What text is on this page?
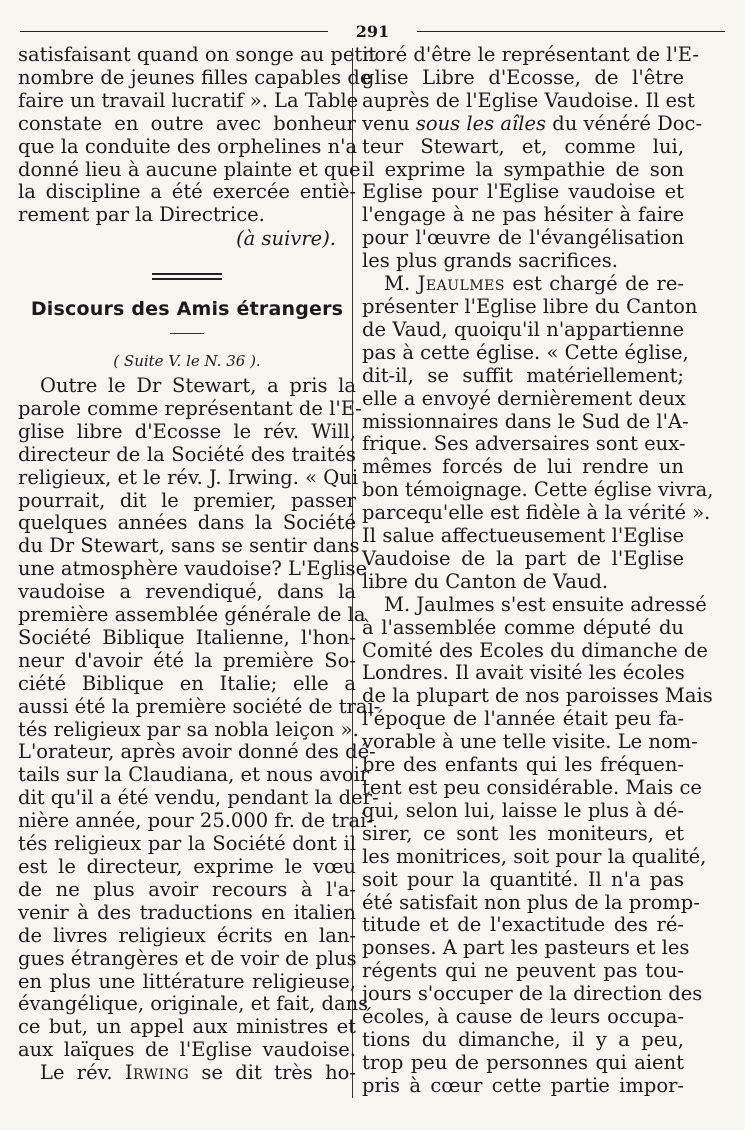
291
satisfaisant quand on songe au petit
nombre de jeunes filles capables de
faire un travail lucratif ». La Table
constate en outre avec bonheur
que la conduite des orphelines n'a
donné lieu à aucune plainte et que
la discipline a été exercée entiè-
rement par la Directrice.
(à suivre).
Discours des Amis étrangers
( Suite V. le N. 36 ).
Outre le Dr Stewart, a pris la
parole comme représentant de l'E-
glise libre d'Ecosse le rév. Will,
directeur de la Société des traités
religieux, et le rév. J. Irwing. « Qui
pourrait, dit le premier, passer
quelques années dans la Société
du Dr Stewart, sans se sentir dans
une atmosphère vaudoise? L'Eglise
vaudoise a revendiqué, dans la
première assemblée générale de la
Société Biblique Italienne, l'hon-
neur d'avoir été la première So-
ciété Biblique en Italie; elle a
aussi été la première société de trai-
tés religieux par sa nobla leiçon ».
L'orateur, après avoir donné des dé-
tails sur la Claudiana, et nous avoir
dit qu'il a été vendu, pendant la der-
nière année, pour 25.000 fr. de trai-
tés religieux par la Société dont il
est le directeur, exprime le vœu
de ne plus avoir recours à l'a-
venir à des traductions en italien
de livres religieux écrits en lan-
gues étrangères et de voir de plus
en plus une littérature religieuse,
évangélique, originale, et fait, dans
ce but, un appel aux ministres et
aux laïques de l'Eglise vaudoise.
Le rév. Irwing se dit très ho-
noré d'être le représentant de l'E-
glise Libre d'Ecosse, de l'être
auprès de l'Eglise Vaudoise. Il est
venu sous les aîles du vénéré Doc-
teur Stewart, et, comme lui,
il exprime la sympathie de son
Eglise pour l'Eglise vaudoise et
l'engage à ne pas hésiter à faire
pour l'œuvre de l'évangélisation
les plus grands sacrifices.
M. Jeaulmes est chargé de re-
présenter l'Eglise libre du Canton
de Vaud, quoiqu'il n'appartienne
pas à cette église. « Cette église,
dit-il, se suffit matériellement;
elle a envoyé dernièrement deux
missionnaires dans le Sud de l'A-
frique. Ses adversaires sont eux-
mêmes forcés de lui rendre un
bon témoignage. Cette église vivra,
parcequ'elle est fidèle à la vérité ».
Il salue affectueusement l'Eglise
Vaudoise de la part de l'Eglise
libre du Canton de Vaud.
M. Jaulmes s'est ensuite adressé
à l'assemblée comme député du
Comité des Ecoles du dimanche de
Londres. Il avait visité les écoles
de la plupart de nos paroisses Mais
l'époque de l'année était peu fa-
vorable à une telle visite. Le nom-
bre des enfants qui les fréquen-
tent est peu considérable. Mais ce
qui, selon lui, laisse le plus à dé-
sirer, ce sont les moniteurs, et
les monitrices, soit pour la qualité,
soit pour la quantité. Il n'a pas
été satisfait non plus de la promp-
titude et de l'exactitude des ré-
ponses. A part les pasteurs et les
régents qui ne peuvent pas tou-
jours s'occuper de la direction des
écoles, à cause de leurs occupa-
tions du dimanche, il y a peu,
trop peu de personnes qui aient
pris à cœur cette partie impor-
